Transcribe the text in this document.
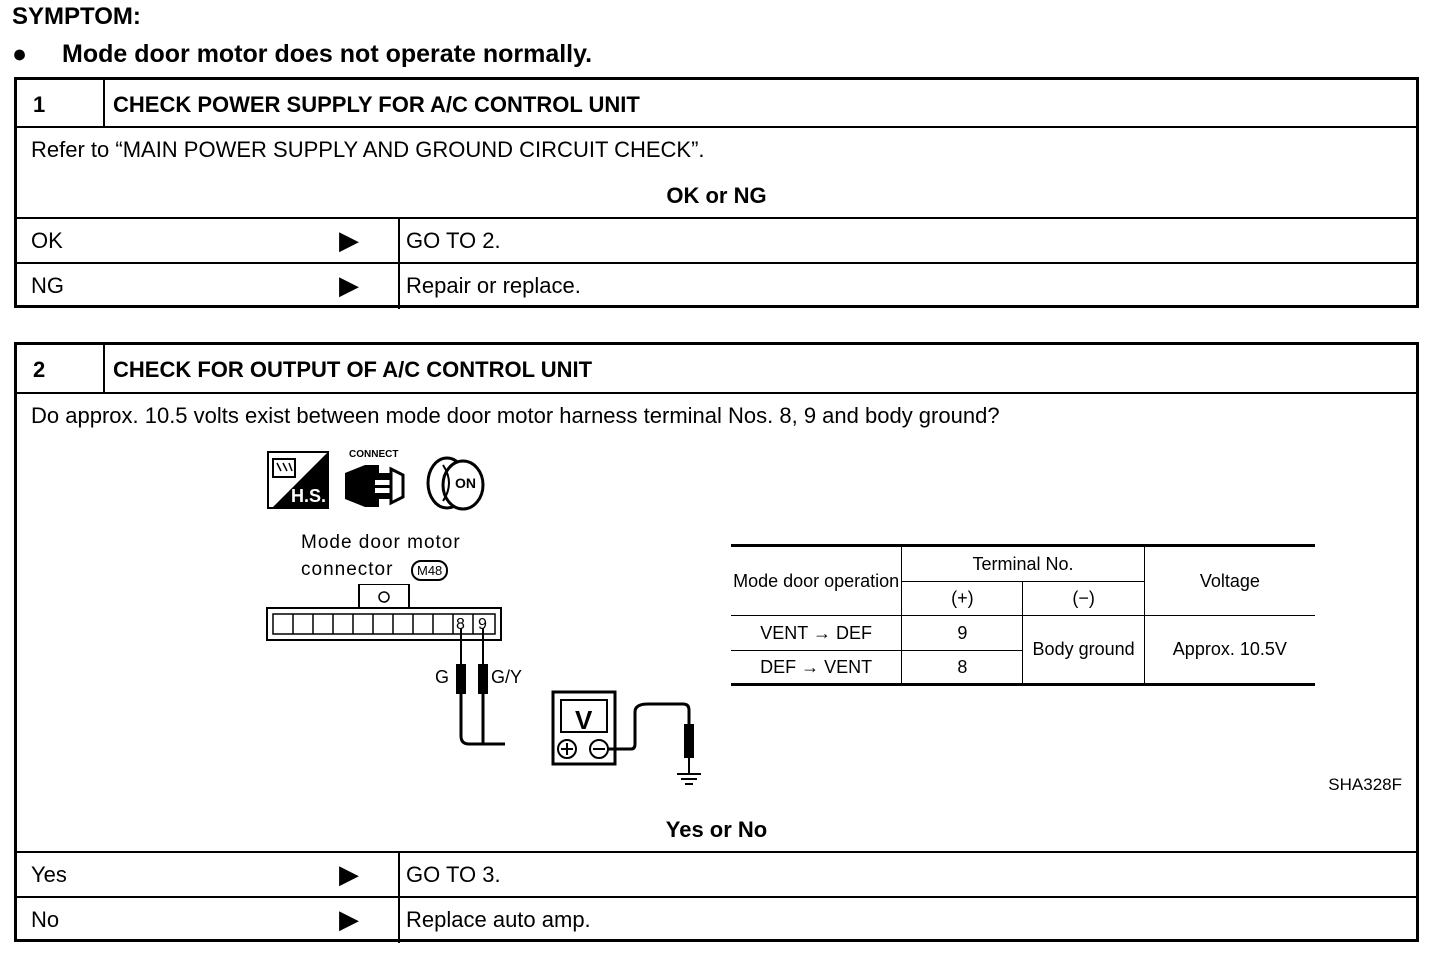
SYMPTOM:
● Mode door motor does not operate normally.
1	CHECK POWER SUPPLY FOR A/C CONTROL UNIT
Refer to “MAIN POWER SUPPLY AND GROUND CIRCUIT CHECK”.
OK or NG
OK	▶ GO TO 2.
NG	▶ Repair or replace.
2	CHECK FOR OUTPUT OF A/C CONTROL UNIT
Do approx. 10.5 volts exist between mode door motor harness terminal Nos. 8, 9 and body ground?
H.S.
CONNECT
ON
Mode door motor
connector	M48
8 9
G G/Y
V
Mode door operation	Terminal No.		Voltage
	(+)	(−)	
VENT → DEF	9	Body ground	Approx. 10.5V
DEF → VENT	8		
SHA328F
Yes or No
Yes	▶ GO TO 3.
No	▶ Replace auto amp.
